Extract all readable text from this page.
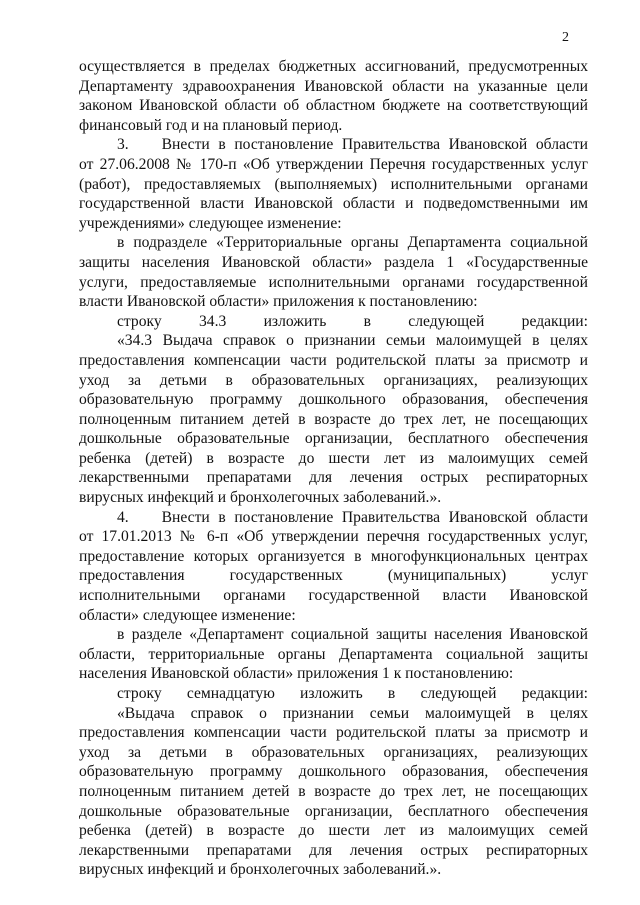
2
осуществляется в пределах бюджетных ассигнований, предусмотренных
Департаменту здравоохранения Ивановской области на указанные цели
законом Ивановской области об областном бюджете на соответствующий
финансовый год и на плановый период.
3. Внести в постановление Правительства Ивановской области
от 27.06.2008 № 170-п «Об утверждении Перечня государственных услуг
(работ), предоставляемых (выполняемых) исполнительными органами
государственной власти Ивановской области и подведомственными им
учреждениями» следующее изменение:
в подразделе «Территориальные органы Департамента социальной
защиты населения Ивановской области» раздела 1 «Государственные
услуги, предоставляемые исполнительными органами государственной
власти Ивановской области» приложения к постановлению:
строку 34.3 изложить в следующей редакции:
«34.3 Выдача справок о признании семьи малоимущей в целях
предоставления компенсации части родительской платы за присмотр и
уход за детьми в образовательных организациях, реализующих
образовательную программу дошкольного образования, обеспечения
полноценным питанием детей в возрасте до трех лет, не посещающих
дошкольные образовательные организации, бесплатного обеспечения
ребенка (детей) в возрасте до шести лет из малоимущих семей
лекарственными препаратами для лечения острых респираторных
вирусных инфекций и бронхолегочных заболеваний.».
4. Внести в постановление Правительства Ивановской области
от 17.01.2013 № 6-п «Об утверждении перечня государственных услуг,
предоставление которых организуется в многофункциональных центрах
предоставления государственных (муниципальных) услуг
исполнительными органами государственной власти Ивановской
области» следующее изменение:
в разделе «Департамент социальной защиты населения Ивановской
области, территориальные органы Департамента социальной защиты
населения Ивановской области» приложения 1 к постановлению:
строку семнадцатую изложить в следующей редакции:
«Выдача справок о признании семьи малоимущей в целях
предоставления компенсации части родительской платы за присмотр и
уход за детьми в образовательных организациях, реализующих
образовательную программу дошкольного образования, обеспечения
полноценным питанием детей в возрасте до трех лет, не посещающих
дошкольные образовательные организации, бесплатного обеспечения
ребенка (детей) в возрасте до шести лет из малоимущих семей
лекарственными препаратами для лечения острых респираторных
вирусных инфекций и бронхолегочных заболеваний.».
